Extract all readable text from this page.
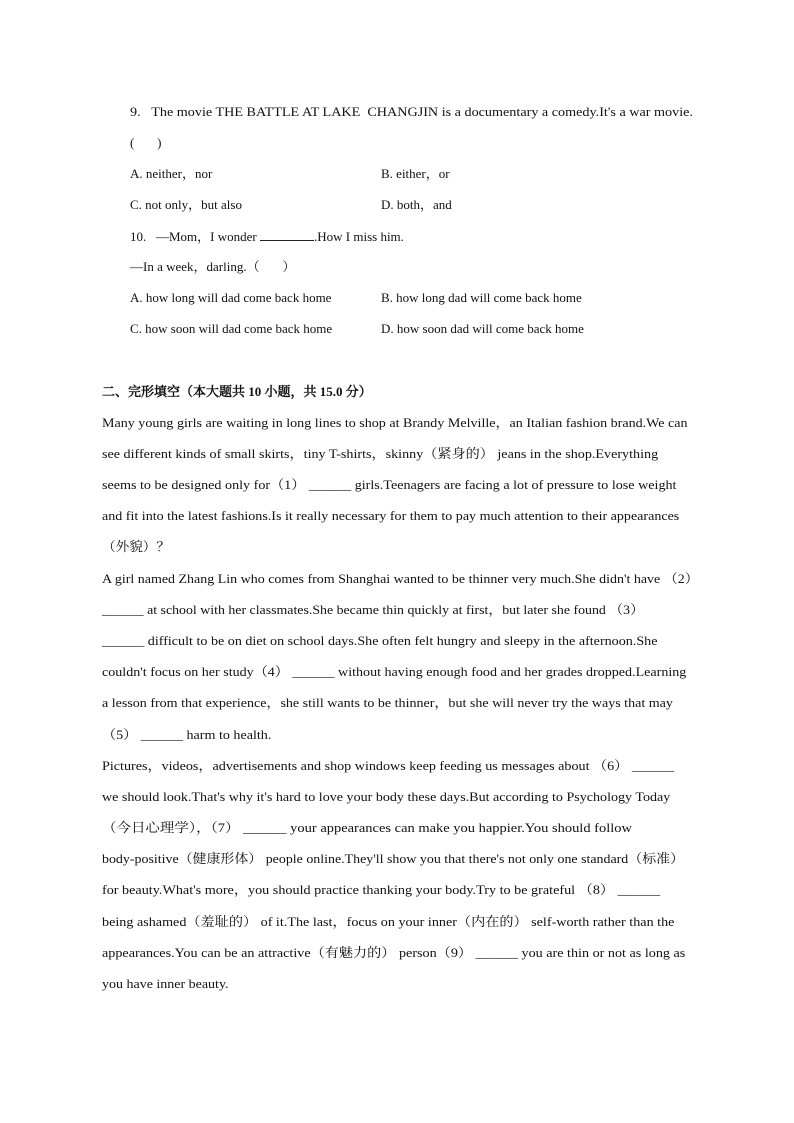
9.   The movie THE BATTLE AT LAKE  CHANGJIN is a documentary a comedy.It's a war movie.
(       )
A. neither，nor	B. either，or
C. not only，but also	D. both，and
10.   —Mom，I wonder	.How I miss him.
—In a week，darling.（       ）
A. how long will dad come back home	B. how long dad will come back home
C. how soon will dad come back home	D. how soon dad will come back home
二、完形填空（本大题共 10 小题，共 15.0 分）
Many young girls are waiting in long lines to shop at Brandy Melville，an Italian fashion brand.We can
see different kinds of small skirts，tiny T-shirts，skinny（紧身的） jeans in the shop.Everything
seems to be designed only for（1） ______ girls.Teenagers are facing a lot of pressure to lose weight
and fit into the latest fashions.Is it really necessary for them to pay much attention to their appearances
（外貌）？
A girl named Zhang Lin who comes from Shanghai wanted to be thinner very much.She didn't have （2）
______ at school with her classmates.She became thin quickly at first，but later she found （3）
______ difficult to be on diet on school days.She often felt hungry and sleepy in the afternoon.She
couldn't focus on her study（4） ______ without having enough food and her grades dropped.Learning
a lesson from that experience，she still wants to be thinner，but she will never try the ways that may
（5） ______ harm to health.
Pictures，videos，advertisements and shop windows keep feeding us messages about （6） ______
we should look.That's why it's hard to love your body these days.But according to Psychology Today
（今日心理学），（7） ______ your appearances can make you happier.You should follow
body-positive（健康形体） people online.They'll show you that there's not only one standard（标准）
for beauty.What's more，you should practice thanking your body.Try to be grateful （8） ______
being ashamed（羞耻的） of it.The last，focus on your inner（内在的） self-worth rather than the
appearances.You can be an attractive（有魅力的） person（9） ______ you are thin or not as long as
you have inner beauty.
